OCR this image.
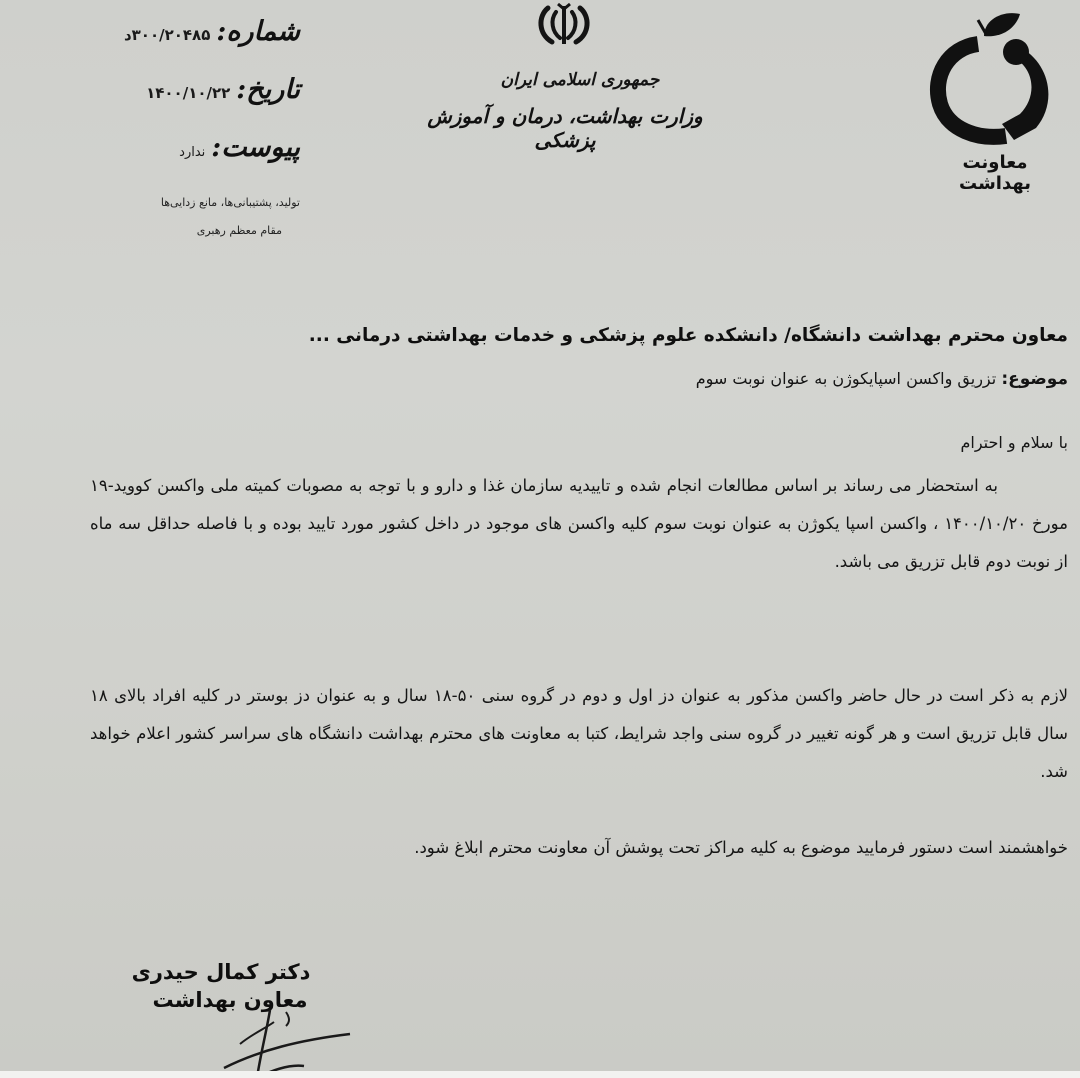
شماره:
۳۰۰/۲۰۴۸۵د
تاریخ:
۱۴۰۰/۱۰/۲۲
پیوست:
ندارد
تولید، پشتیبانی‌ها، مانع زدایی‌ها
مقام معظم رهبری
جمهوری اسلامی ایران
وزارت بهداشت، درمان و آموزش پزشکی
معاونت بهداشت
معاون محترم بهداشت دانشگاه/ دانشکده علوم پزشکی و خدمات بهداشتی درمانی ...
موضوع: تزریق واکسن اسپایکوژن به عنوان نوبت سوم
با سلام و احترام

به استحضار می رساند بر اساس مطالعات انجام شده و تاییدیه سازمان غذا و دارو و با توجه به مصوبات کمیته ملی واکسن کووید-۱۹ مورخ ۱۴۰۰/۱۰/۲۰ ، واکسن اسپا یکوژن به عنوان نوبت سوم کلیه واکسن های موجود در داخل کشور مورد تایید بوده و با فاصله حداقل سه ماه از نوبت دوم قابل تزریق می باشد.

لازم به ذکر است در حال حاضر واکسن مذکور به عنوان دز اول و دوم در گروه سنی ۵۰-۱۸ سال و به عنوان دز بوستر در کلیه افراد بالای ۱۸ سال قابل تزریق است و هر گونه تغییر در گروه سنی واجد شرایط، کتبا به معاونت های محترم بهداشت دانشگاه های سراسر کشور اعلام خواهد شد.

خواهشمند است دستور فرمایید موضوع به کلیه مراکز تحت پوشش آن معاونت محترم ابلاغ شود.

دکتر کمال حیدری
معاون بهداشت
